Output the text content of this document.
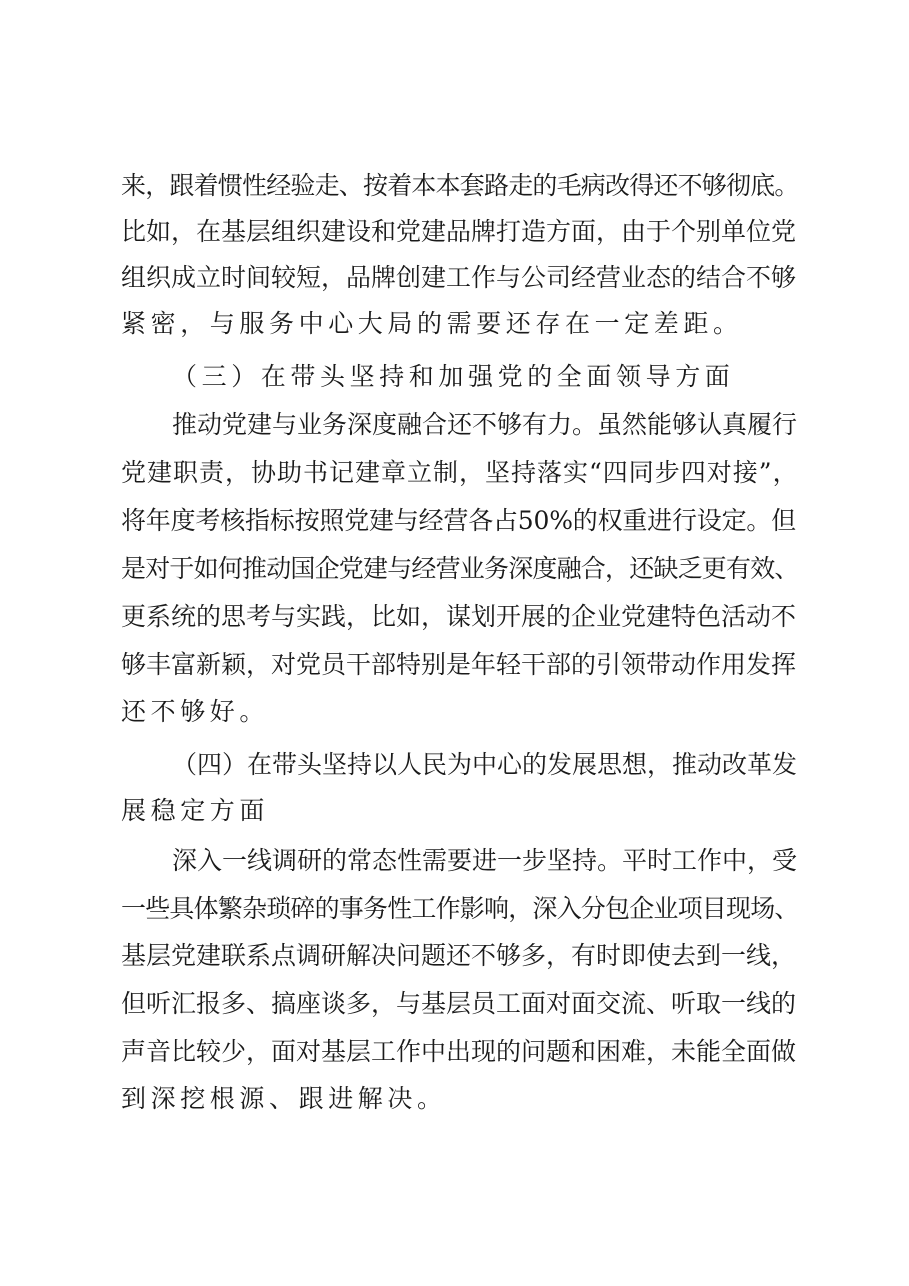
来，跟着惯性经验走、按着本本套路走的毛病改得还不够彻底。
比如，在基层组织建设和党建品牌打造方面，由于个别单位党
组织成立时间较短，品牌创建工作与公司经营业态的结合不够
紧密，与服务中心大局的需要还存在一定差距。
（三）在带头坚持和加强党的全面领导方面
推动党建与业务深度融合还不够有力。虽然能够认真履行
党建职责，协助书记建章立制，坚持落实“四同步四对接”，
将年度考核指标按照党建与经营各占50%的权重进行设定。但
是对于如何推动国企党建与经营业务深度融合，还缺乏更有效、
更系统的思考与实践，比如，谋划开展的企业党建特色活动不
够丰富新颖，对党员干部特别是年轻干部的引领带动作用发挥
还不够好。
（四）在带头坚持以人民为中心的发展思想，推动改革发
展稳定方面
深入一线调研的常态性需要进一步坚持。平时工作中，受
一些具体繁杂琐碎的事务性工作影响，深入分包企业项目现场、
基层党建联系点调研解决问题还不够多，有时即使去到一线，
但听汇报多、搞座谈多，与基层员工面对面交流、听取一线的
声音比较少，面对基层工作中出现的问题和困难，未能全面做
到深挖根源、跟进解决。
